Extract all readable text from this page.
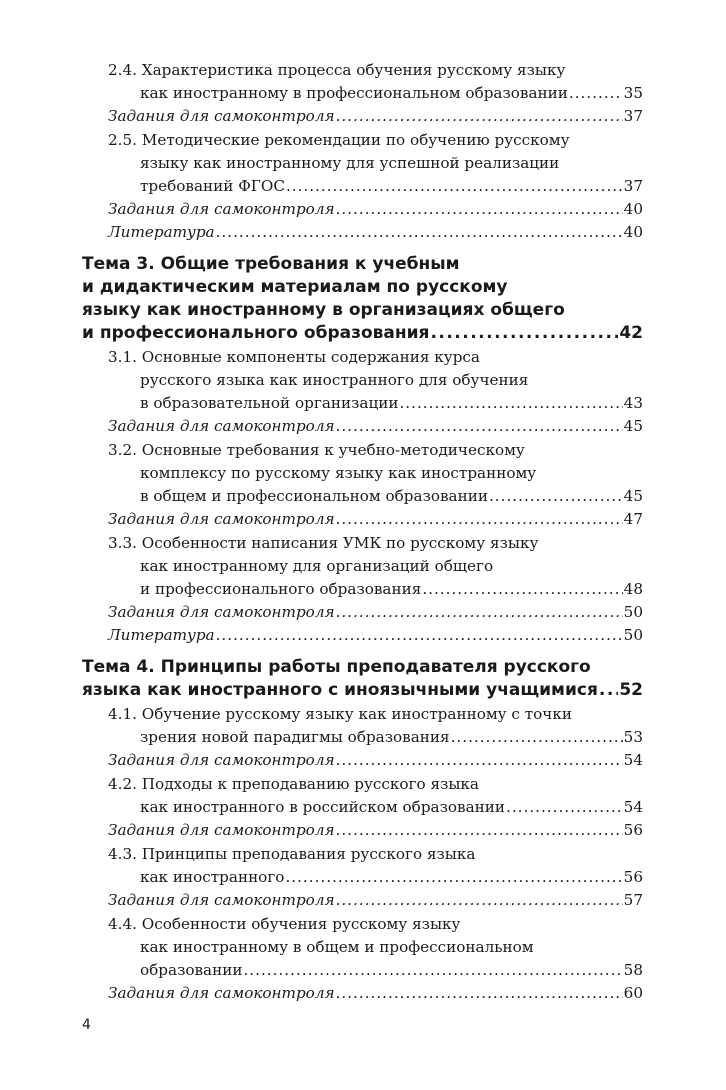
2.4. Характеристика процесса обучения русскому языку
как иностранному в профессиональном образовании .....	35
Задания для самоконтроля .....	37
2.5. Методические рекомендации по обучению русскому
языку как иностранному для успешной реализации
требований ФГОС .....	37
Задания для самоконтроля .....	40
Литература .....	40
Тема 3. Общие требования к учебным
и дидактическим материалам по русскому
языку как иностранному в организациях общего
и профессионального образования .....	42
3.1. Основные компоненты содержания курса
русского языка как иностранного для обучения
в образовательной организации .....	43
Задания для самоконтроля .....	45
3.2. Основные требования к учебно-методическому
комплексу по русскому языку как иностранному
в общем и профессиональном образовании .....	45
Задания для самоконтроля .....	47
3.3. Особенности написания УМК по русскому языку
как иностранному для организаций общего
и профессионального образования .....	48
Задания для самоконтроля .....	50
Литература .....	50
Тема 4. Принципы работы преподавателя русского
языка как иностранного с иноязычными учащимися ..... 52
4.1. Обучение русскому языку как иностранному с точки
зрения новой парадигмы образования .....	53
Задания для самоконтроля .....	54
4.2. Подходы к преподаванию русского языка
как иностранного в российском образовании .....	54
Задания для самоконтроля .....	56
4.3. Принципы преподавания русского языка
как иностранного .....	56
Задания для самоконтроля .....	57
4.4. Особенности обучения русскому языку
как иностранному в общем и профессиональном
образовании .....	58
Задания для самоконтроля .....	60
4
